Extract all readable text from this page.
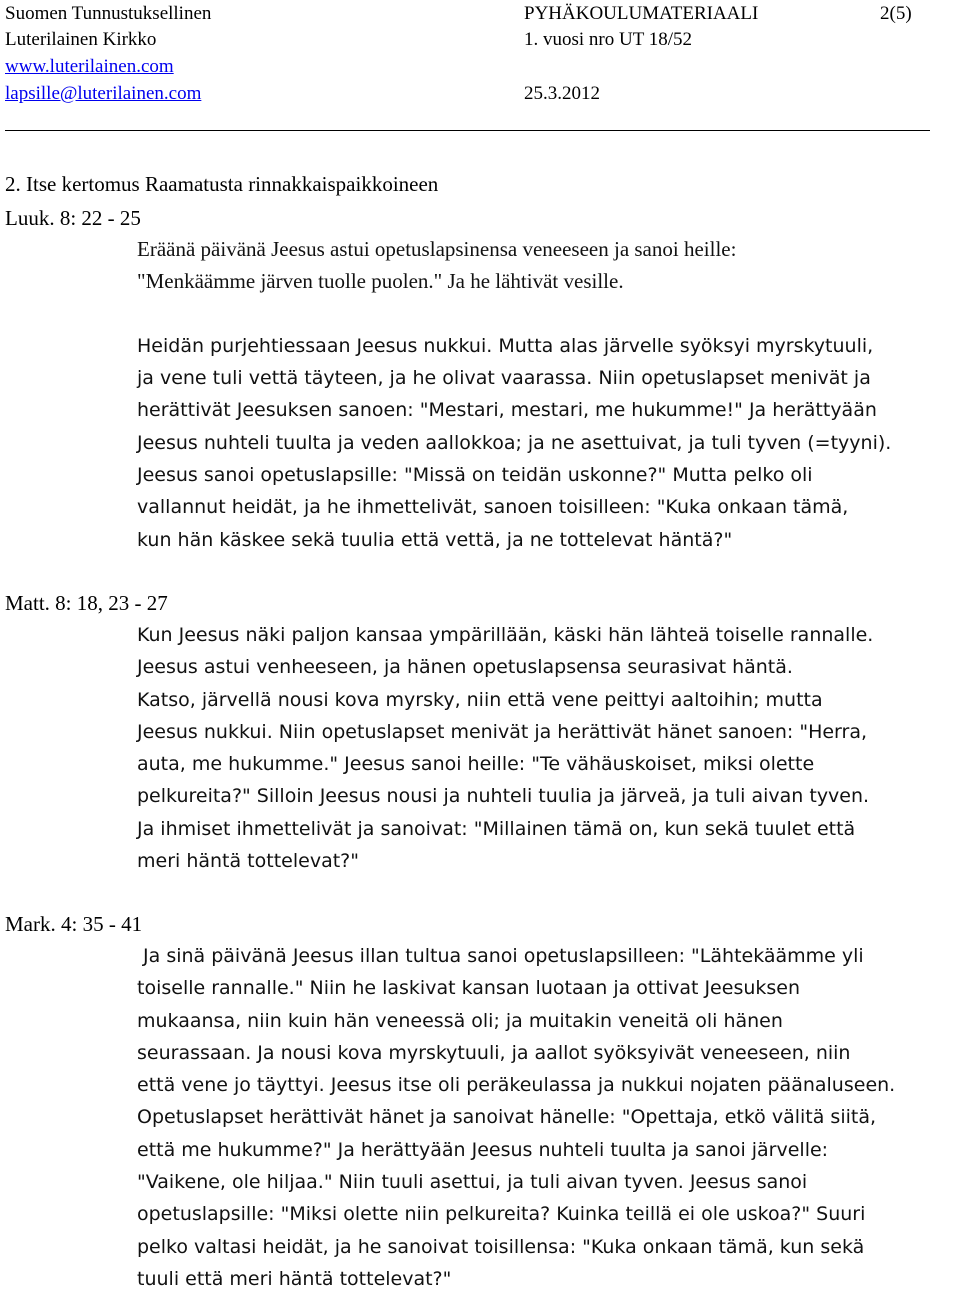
Suomen Tunnustuksellinen
Luterilainen Kirkko
www.luterilainen.com
lapsille@luterilainen.com
PYHÄKOULUMATERIAALI	2(5)
1. vuosi nro UT 18/52
25.3.2012
2. Itse kertomus Raamatusta rinnakkaispaikkoineen
Luuk. 8: 22 - 25
Eräänä päivänä Jeesus astui opetuslapsinensa veneeseen ja sanoi heille:
"Menkäämme järven tuolle puolen." Ja he lähtivät vesille.
Heidän purjehtiessaan Jeesus nukkui. Mutta alas järvelle syöksyi myrskytuuli,
ja vene tuli vettä täyteen, ja he olivat vaarassa. Niin opetuslapset menivät ja
herättivät Jeesuksen sanoen: "Mestari, mestari, me hukumme!" Ja herättyään
Jeesus nuhteli tuulta ja veden aallokkoa; ja ne asettuivat, ja tuli tyven (=tyyni).
Jeesus sanoi opetuslapsille: "Missä on teidän uskonne?" Mutta pelko oli
vallannut heidät, ja he ihmettelivät, sanoen toisilleen: "Kuka onkaan tämä,
kun hän käskee sekä tuulia että vettä, ja ne tottelevat häntä?"
Matt. 8: 18, 23 - 27
Kun Jeesus näki paljon kansaa ympärillään, käski hän lähteä toiselle rannalle.
Jeesus astui venheeseen, ja hänen opetuslapsensa seurasivat häntä.
Katso, järvellä nousi kova myrsky, niin että vene peittyi aaltoihin; mutta
Jeesus nukkui. Niin opetuslapset menivät ja herättivät hänet sanoen: "Herra,
auta, me hukumme." Jeesus sanoi heille: "Te vähäuskoiset, miksi olette
pelkureita?" Silloin Jeesus nousi ja nuhteli tuulia ja järveä, ja tuli aivan tyven.
Ja ihmiset ihmettelivät ja sanoivat: "Millainen tämä on, kun sekä tuulet että
meri häntä tottelevat?"
Mark. 4: 35 - 41
Ja sinä päivänä Jeesus illan tultua sanoi opetuslapsilleen: "Lähtekäämme yli
toiselle rannalle." Niin he laskivat kansan luotaan ja ottivat Jeesuksen
mukaansa, niin kuin hän veneessä oli; ja muitakin veneitä oli hänen
seurassaan. Ja nousi kova myrskytuuli, ja aallot syöksyivät veneeseen, niin
että vene jo täyttyi. Jeesus itse oli peräkeulassa ja nukkui nojaten päänaluseen.
Opetuslapset herättivät hänet ja sanoivat hänelle: "Opettaja, etkö välitä siitä,
että me hukumme?" Ja herättyään Jeesus nuhteli tuulta ja sanoi järvelle:
"Vaikene, ole hiljaa." Niin tuuli asettui, ja tuli aivan tyven. Jeesus sanoi
opetuslapsille: "Miksi olette niin pelkureita? Kuinka teillä ei ole uskoa?" Suuri
pelko valtasi heidät, ja he sanoivat toisillensa: "Kuka onkaan tämä, kun sekä
tuuli että meri häntä tottelevat?"
